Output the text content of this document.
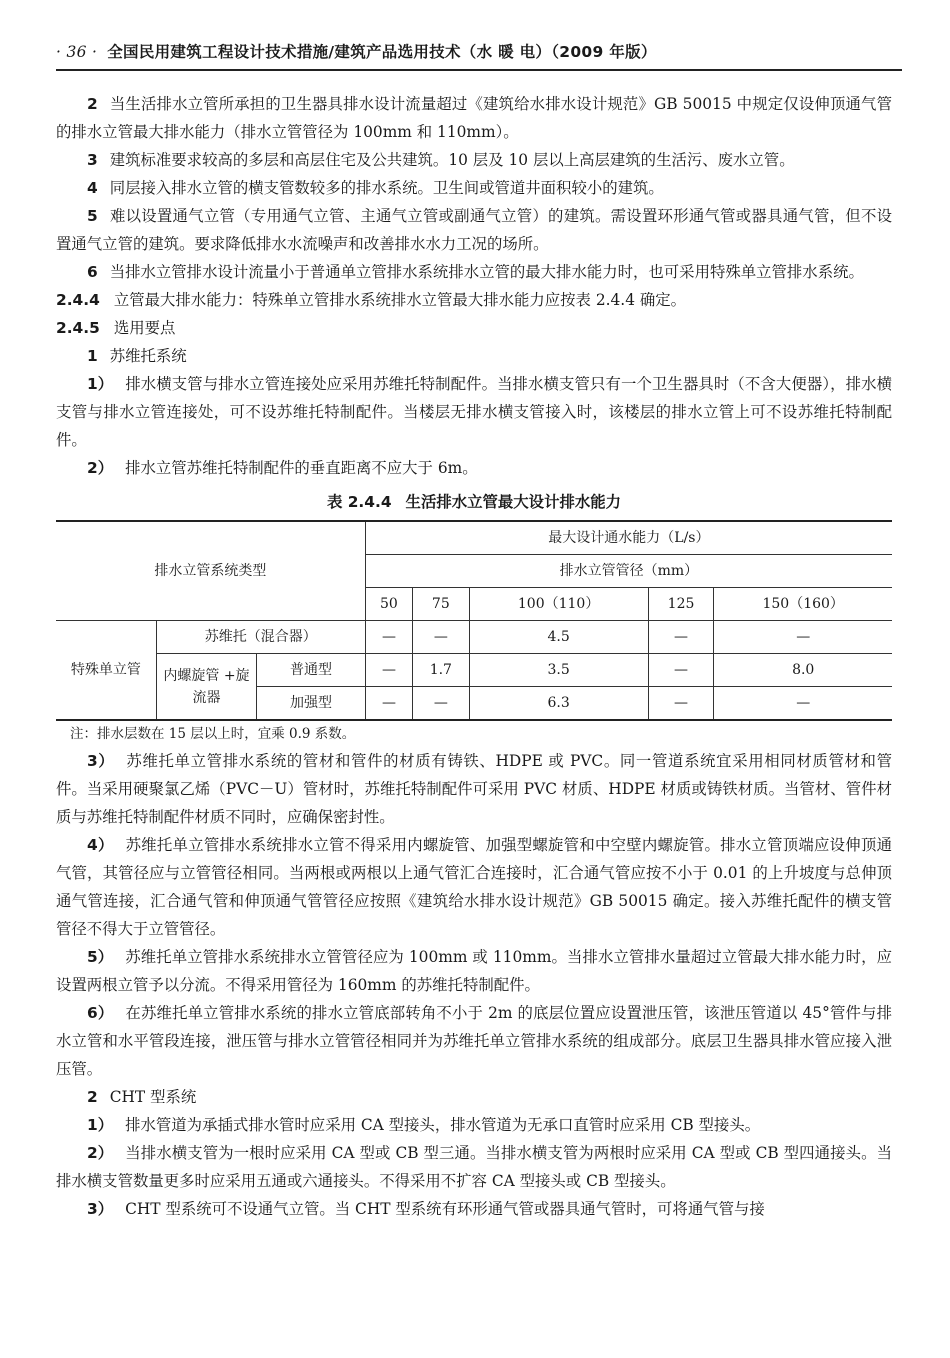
· 36 · 全国民用建筑工程设计技术措施/建筑产品选用技术（水 暖 电）（2009 年版）

2 当生活排水立管所承担的卫生器具排水设计流量超过《建筑给水排水设计规范》GB 50015 中规定仅设伸顶通气管的排水立管最大排水能力（排水立管管径为 100mm 和 110mm）。

3 建筑标准要求较高的多层和高层住宅及公共建筑。10 层及 10 层以上高层建筑的生活污、废水立管。

4 同层接入排水立管的横支管数较多的排水系统。卫生间或管道井面积较小的建筑。

5 难以设置通气立管（专用通气立管、主通气立管或副通气立管）的建筑。需设置环形通气管或器具通气管，但不设置通气立管的建筑。要求降低排水水流噪声和改善排水水力工况的场所。

6 当排水立管排水设计流量小于普通单立管排水系统排水立管的最大排水能力时，也可采用特殊单立管排水系统。

2.4.4 立管最大排水能力：特殊单立管排水系统排水立管最大排水能力应按表 2.4.4 确定。

2.4.5 选用要点

1 苏维托系统

1） 排水横支管与排水立管连接处应采用苏维托特制配件。当排水横支管只有一个卫生器具时（不含大便器），排水横支管与排水立管连接处，可不设苏维托特制配件。当楼层无排水横支管接入时，该楼层的排水立管上可不设苏维托特制配件。

2） 排水立管苏维托特制配件的垂直距离不应大于 6m。

表 2.4.4 生活排水立管最大设计排水能力
排水立管系统类型			最大设计通水能力（L/s）				
			排水立管管径（mm）				
			50	75	100（110）	125	150（160）
特殊单立管	苏维托（混合器）		—	—	4.5	—	—
	内螺旋管 +旋流器	普通型	—	1.7	3.5	—	8.0
		加强型	—	—	6.3	—	—
注：排水层数在 15 层以上时，宜乘 0.9 系数。

3） 苏维托单立管排水系统的管材和管件的材质有铸铁、HDPE 或 PVC。同一管道系统宜采用相同材质管材和管件。当采用硬聚氯乙烯（PVC－U）管材时，苏维托特制配件可采用 PVC 材质、HDPE 材质或铸铁材质。当管材、管件材质与苏维托特制配件材质不同时，应确保密封性。

4） 苏维托单立管排水系统排水立管不得采用内螺旋管、加强型螺旋管和中空壁内螺旋管。排水立管顶端应设伸顶通气管，其管径应与立管管径相同。当两根或两根以上通气管汇合连接时，汇合通气管应按不小于 0.01 的上升坡度与总伸顶通气管连接，汇合通气管和伸顶通气管管径应按照《建筑给水排水设计规范》GB 50015 确定。接入苏维托配件的横支管管径不得大于立管管径。

5） 苏维托单立管排水系统排水立管管径应为 100mm 或 110mm。当排水立管排水量超过立管最大排水能力时，应设置两根立管予以分流。不得采用管径为 160mm 的苏维托特制配件。

6） 在苏维托单立管排水系统的排水立管底部转角不小于 2m 的底层位置应设置泄压管，该泄压管道以 45°管件与排水立管和水平管段连接，泄压管与排水立管管径相同并为苏维托单立管排水系统的组成部分。底层卫生器具排水管应接入泄压管。

2 CHT 型系统

1） 排水管道为承插式排水管时应采用 CA 型接头，排水管道为无承口直管时应采用 CB 型接头。

2） 当排水横支管为一根时应采用 CA 型或 CB 型三通。当排水横支管为两根时应采用 CA 型或 CB 型四通接头。当排水横支管数量更多时应采用五通或六通接头。不得采用不扩容 CA 型接头或 CB 型接头。

3） CHT 型系统可不设通气立管。当 CHT 型系统有环形通气管或器具通气管时，可将通气管与接
